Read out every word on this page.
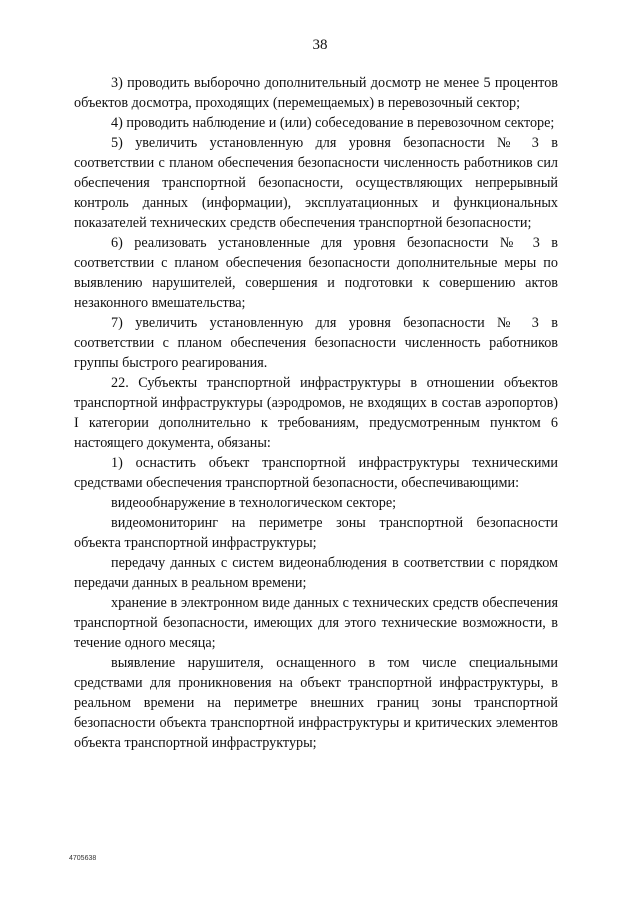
38

3) проводить выборочно дополнительный досмотр не менее 5 процентов объектов досмотра, проходящих (перемещаемых) в перевозочный сектор;

4) проводить наблюдение и (или) собеседование в перевозочном секторе;

5) увеличить установленную для уровня безопасности № 3 в соответствии с планом обеспечения безопасности численность работников сил обеспечения транспортной безопасности, осуществляющих непрерывный контроль данных (информации), эксплуатационных и функциональных показателей технических средств обеспечения транспортной безопасности;

6) реализовать установленные для уровня безопасности № 3 в соответствии с планом обеспечения безопасности дополнительные меры по выявлению нарушителей, совершения и подготовки к совершению актов незаконного вмешательства;

7) увеличить установленную для уровня безопасности № 3 в соответствии с планом обеспечения безопасности численность работников группы быстрого реагирования.

22. Субъекты транспортной инфраструктуры в отношении объектов транспортной инфраструктуры (аэродромов, не входящих в состав аэропортов) I категории дополнительно к требованиям, предусмотренным пунктом 6 настоящего документа, обязаны:

1) оснастить объект транспортной инфраструктуры техническими средствами обеспечения транспортной безопасности, обеспечивающими:

видеообнаружение в технологическом секторе;

видеомониторинг на периметре зоны транспортной безопасности объекта транспортной инфраструктуры;

передачу данных с систем видеонаблюдения в соответствии с порядком передачи данных в реальном времени;

хранение в электронном виде данных с технических средств обеспечения транспортной безопасности, имеющих для этого технические возможности, в течение одного месяца;

выявление нарушителя, оснащенного в том числе специальными средствами для проникновения на объект транспортной инфраструктуры, в реальном времени на периметре внешних границ зоны транспортной безопасности объекта транспортной инфраструктуры и критических элементов объекта транспортной инфраструктуры;

4705638
